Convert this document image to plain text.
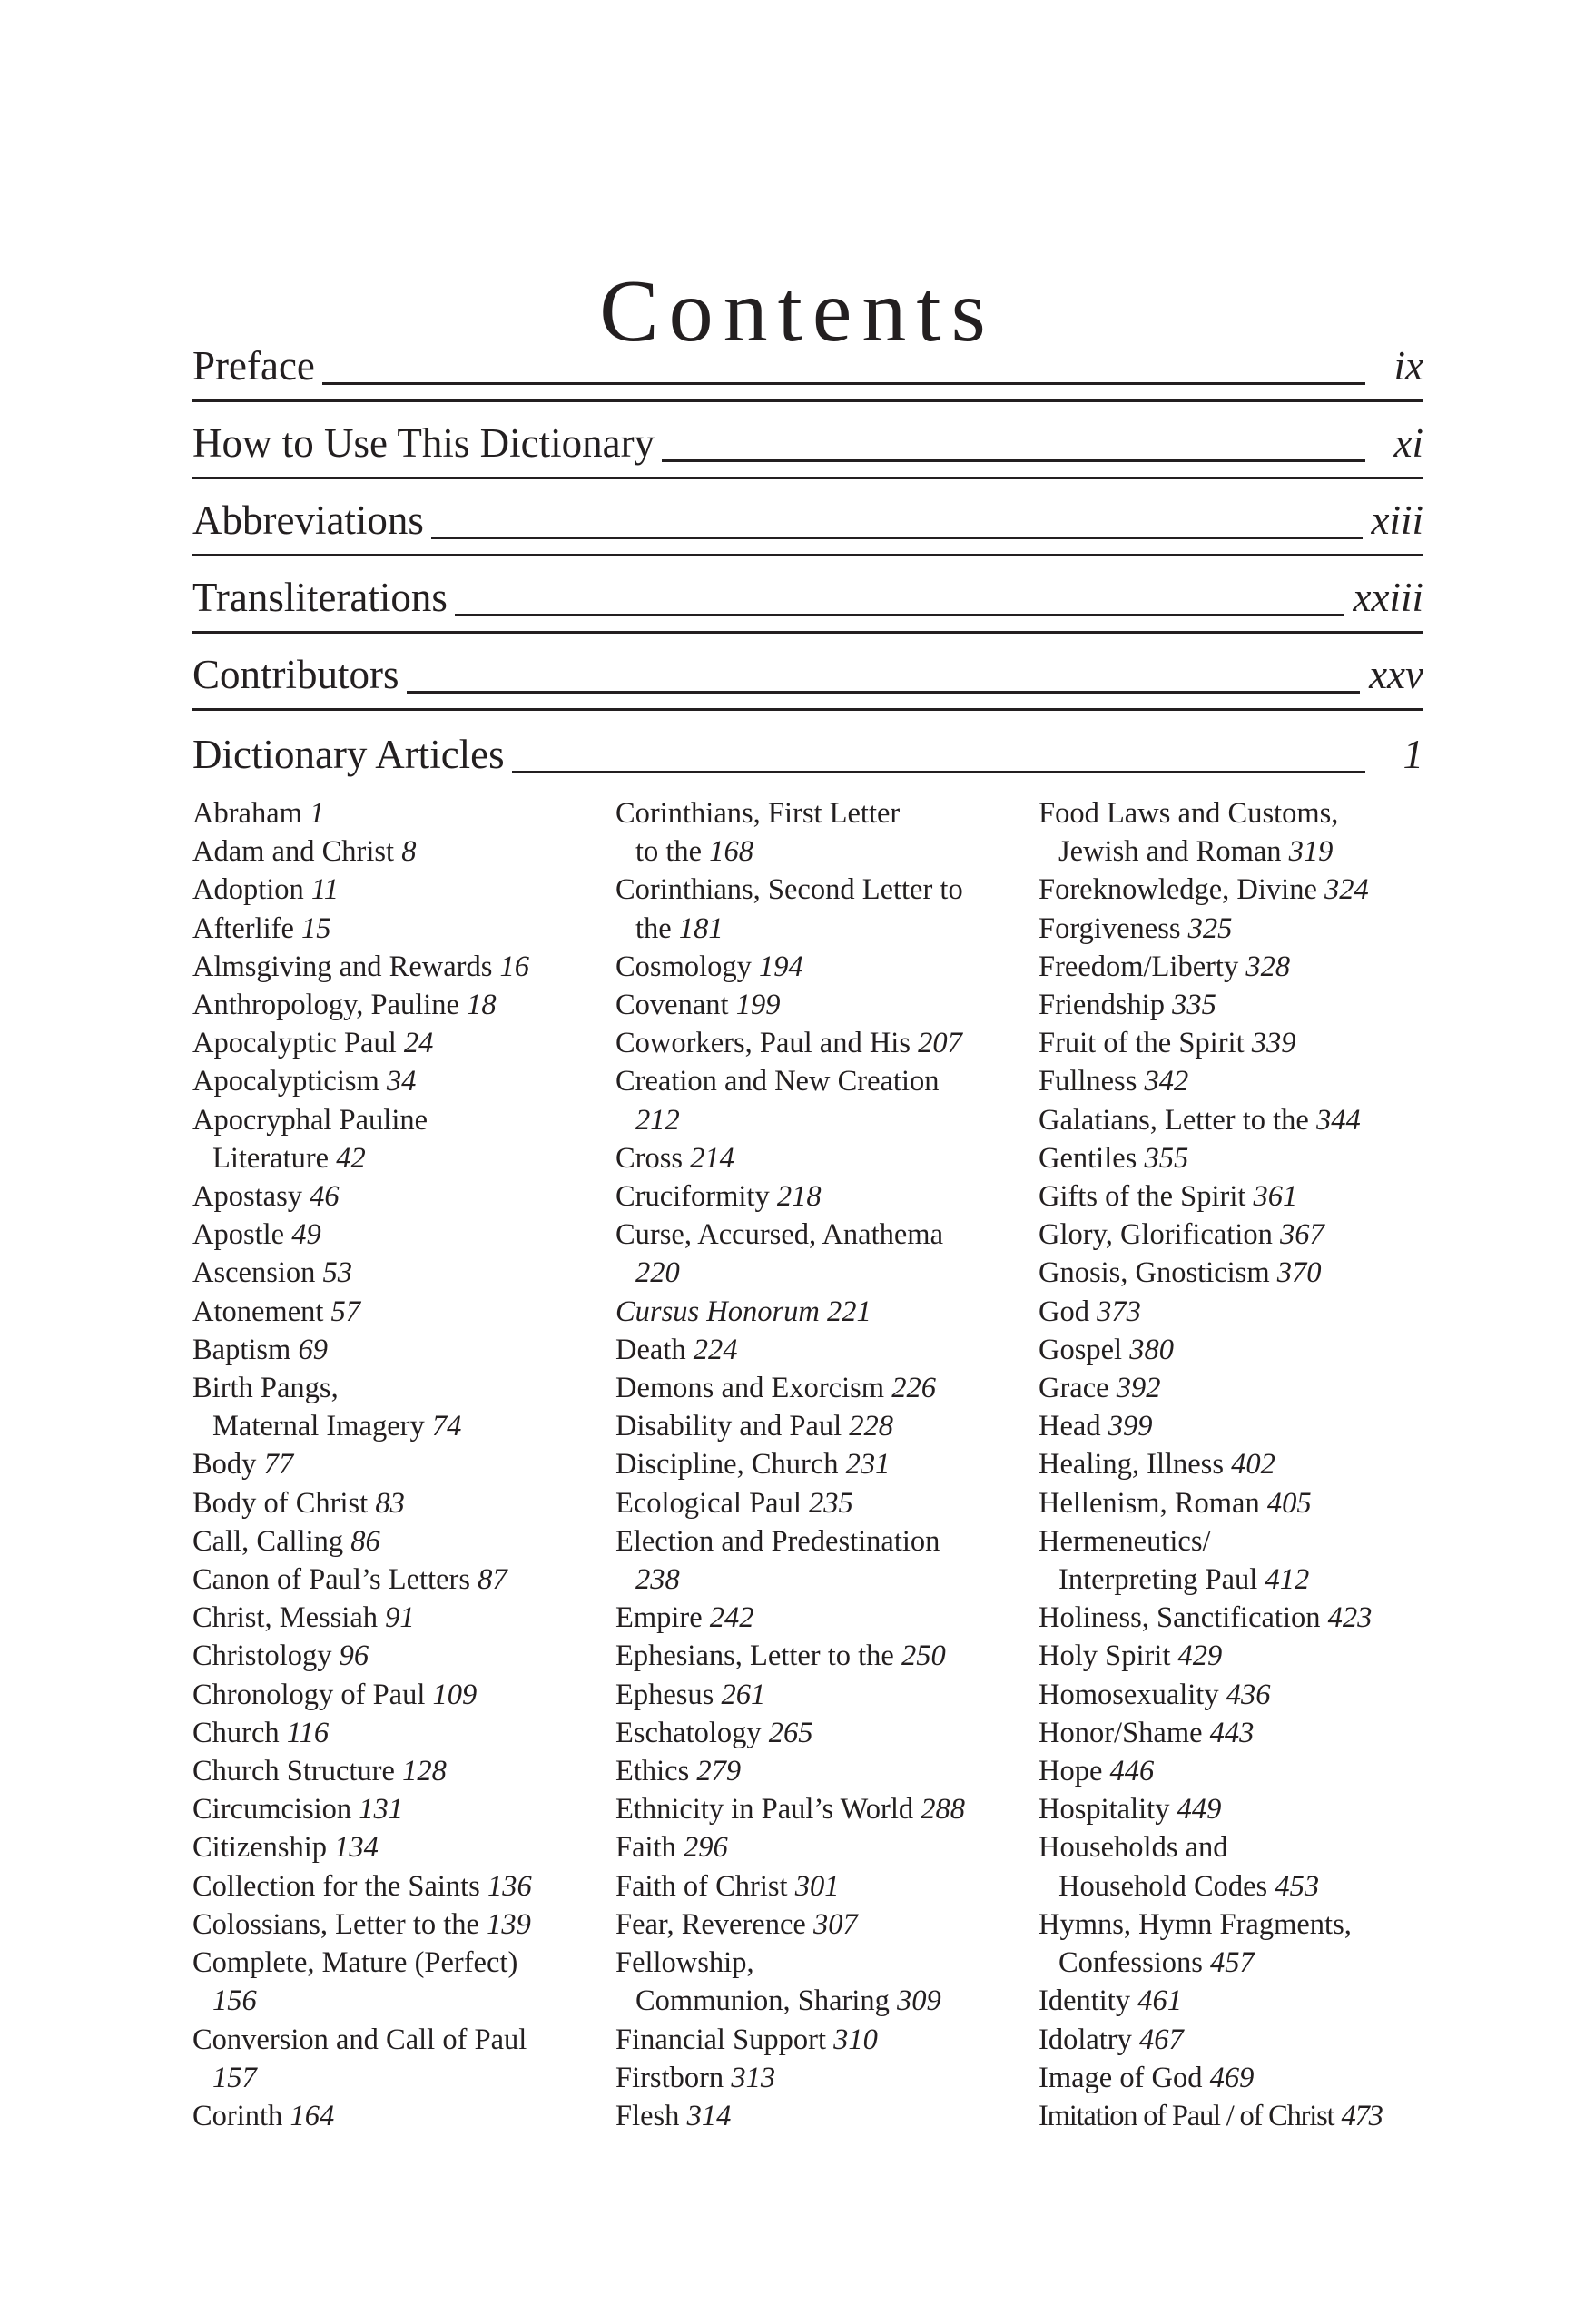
Contents
Preface	ix
How to Use This Dictionary	xi
Abbreviations	xiii
Transliterations	xxiii
Contributors	xxv
Dictionary Articles	1

Abraham 1

Adam and Christ 8

Adoption 11

Afterlife 15

Almsgiving and Rewards 16

Anthropology, Pauline 18

Apocalyptic Paul 24

Apocalypticism 34

Apocryphal Pauline
Literature 42

Apostasy 46

Apostle 49

Ascension 53

Atonement 57

Baptism 69

Birth Pangs,
Maternal Imagery 74

Body 77

Body of Christ 83

Call, Calling 86

Canon of Paul’s Letters 87

Christ, Messiah 91

Christology 96

Chronology of Paul 109

Church 116

Church Structure 128

Circumcision 131

Citizenship 134

Collection for the Saints 136

Colossians, Letter to the 139

Complete, Mature (Perfect)
156

Conversion and Call of Paul
157

Corinth 164

Corinthians, First Letter
to the 168

Corinthians, Second Letter to
the 181

Cosmology 194

Covenant 199

Coworkers, Paul and His 207

Creation and New Creation
212

Cross 214

Cruciformity 218

Curse, Accursed, Anathema
220

Cursus Honorum 221

Death 224

Demons and Exorcism 226

Disability and Paul 228

Discipline, Church 231

Ecological Paul 235

Election and Predestination
238

Empire 242

Ephesians, Letter to the 250

Ephesus 261

Eschatology 265

Ethics 279

Ethnicity in Paul’s World 288

Faith 296

Faith of Christ 301

Fear, Reverence 307

Fellowship,
Communion, Sharing 309

Financial Support 310

Firstborn 313

Flesh 314

Food Laws and Customs,
Jewish and Roman 319

Foreknowledge, Divine 324

Forgiveness 325

Freedom/Liberty 328

Friendship 335

Fruit of the Spirit 339

Fullness 342

Galatians, Letter to the 344

Gentiles 355

Gifts of the Spirit 361

Glory, Glorification 367

Gnosis, Gnosticism 370

God 373

Gospel 380

Grace 392

Head 399

Healing, Illness 402

Hellenism, Roman 405

Hermeneutics/
Interpreting Paul 412

Holiness, Sanctification 423

Holy Spirit 429

Homosexuality 436

Honor/Shame 443

Hope 446

Hospitality 449

Households and
Household Codes 453

Hymns, Hymn Fragments,
Confessions 457

Identity 461

Idolatry 467

Image of God 469

Imitation of Paul / of Christ 473
